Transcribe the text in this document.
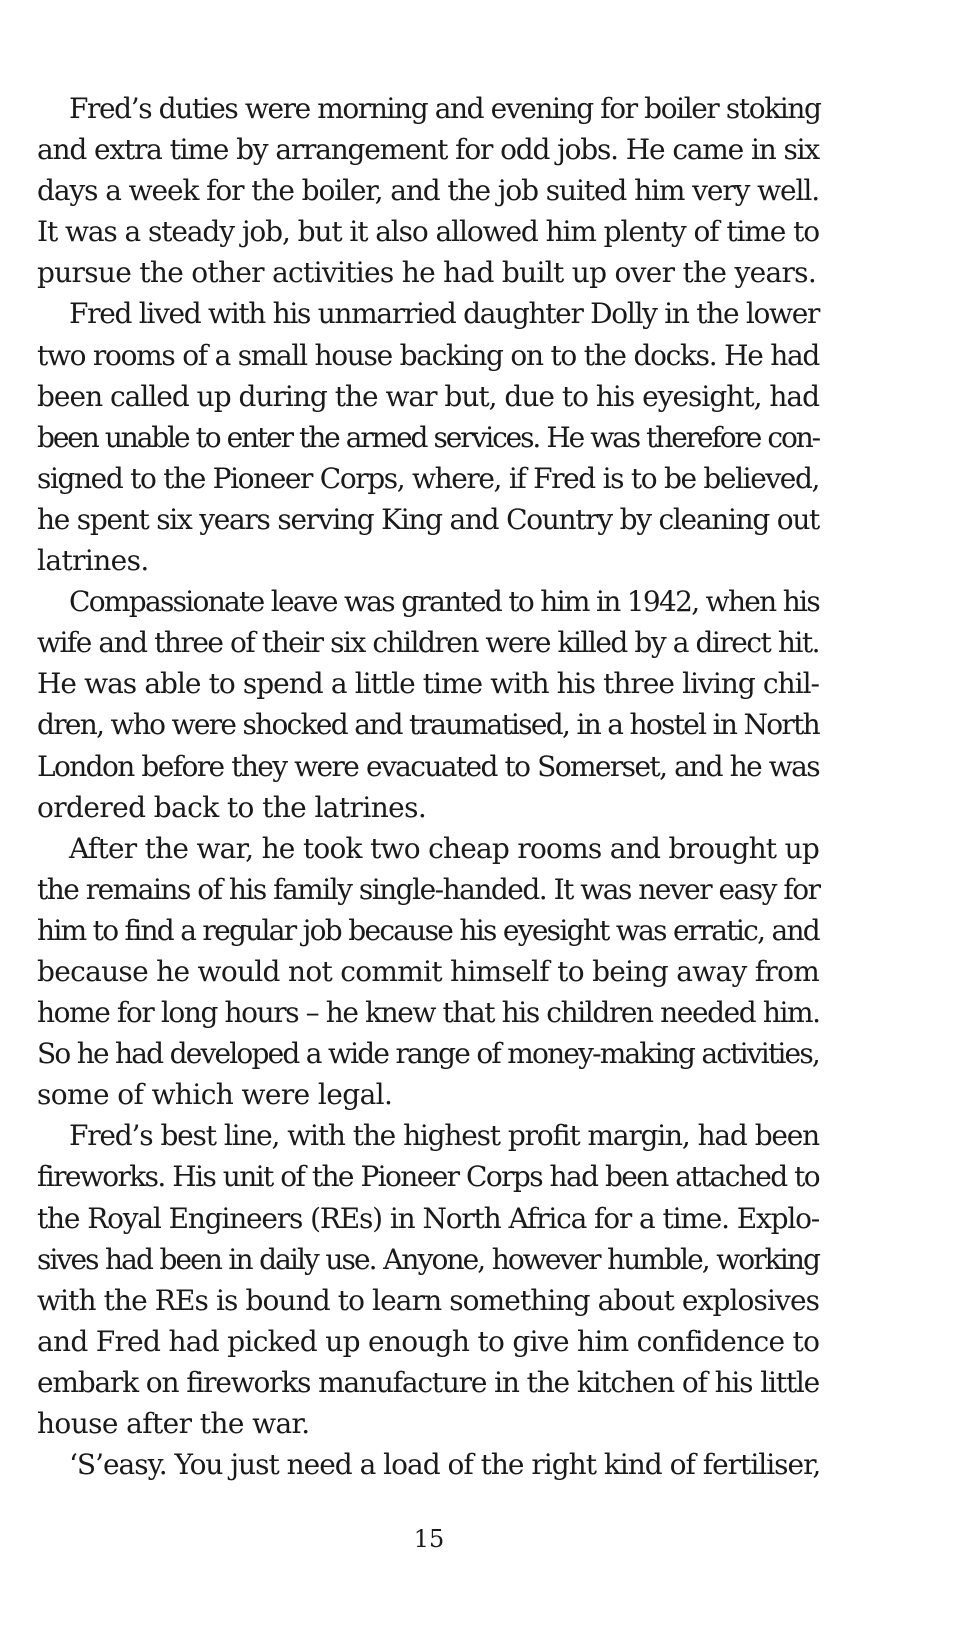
Fred’s duties were morning and evening for boiler stoking
and extra time by arrangement for odd jobs. He came in six
days a week for the boiler, and the job suited him very well.
It was a steady job, but it also allowed him plenty of time to
pursue the other activities he had built up over the years.
Fred lived with his unmarried daughter Dolly in the lower
two rooms of a small house backing on to the docks. He had
been called up during the war but, due to his eyesight, had
been unable to enter the armed services. He was therefore con-
signed to the Pioneer Corps, where, if Fred is to be believed,
he spent six years serving King and Country by cleaning out
latrines.
Compassionate leave was granted to him in 1942, when his
wife and three of their six children were killed by a direct hit.
He was able to spend a little time with his three living chil-
dren, who were shocked and traumatised, in a hostel in North
London before they were evacuated to Somerset, and he was
ordered back to the latrines.
After the war, he took two cheap rooms and brought up
the remains of his family single-handed. It was never easy for
him to find a regular job because his eyesight was erratic, and
because he would not commit himself to being away from
home for long hours – he knew that his children needed him.
So he had developed a wide range of money-making activities,
some of which were legal.
Fred’s best line, with the highest profit margin, had been
fireworks. His unit of the Pioneer Corps had been attached to
the Royal Engineers (REs) in North Africa for a time. Explo-
sives had been in daily use. Anyone, however humble, working
with the REs is bound to learn something about explosives
and Fred had picked up enough to give him confidence to
embark on fireworks manufacture in the kitchen of his little
house after the war.
‘S’easy. You just need a load of the right kind of fertiliser,
15
